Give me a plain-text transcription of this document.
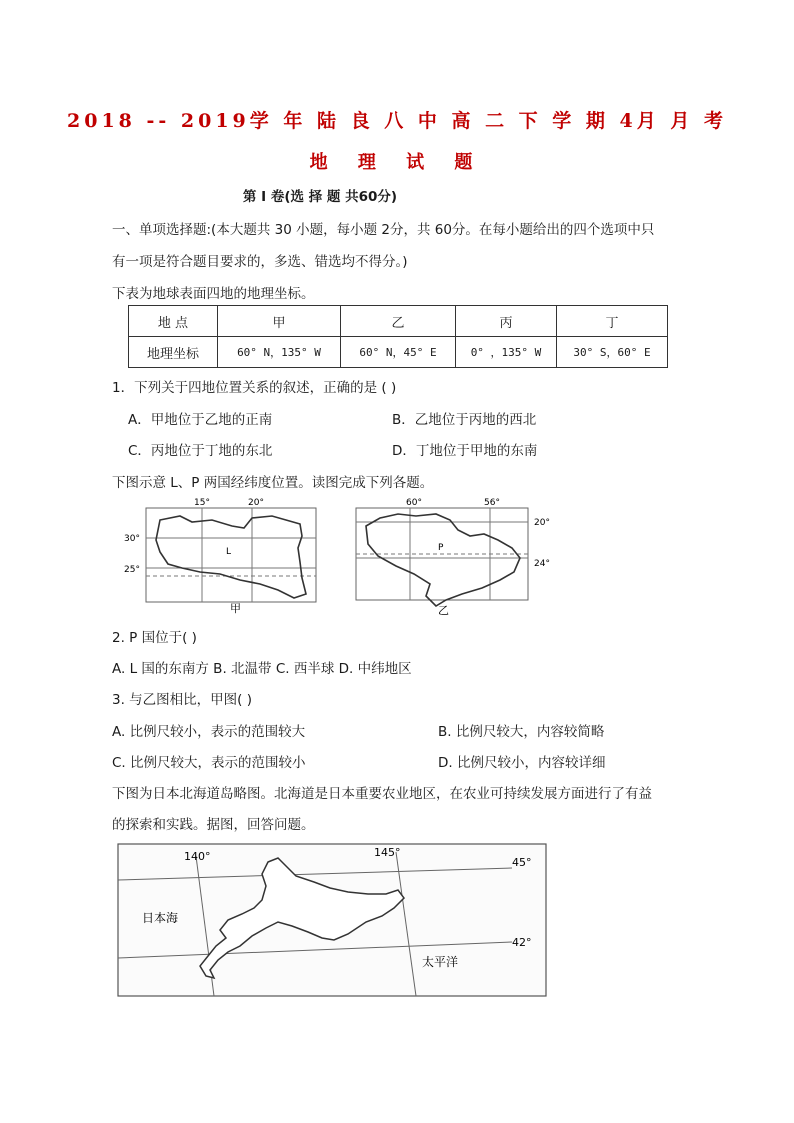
2018 -- 2019学 年 陆 良 八 中 高 二 下 学 期 4月 月 考
地 理 试 题
第 I 卷(选 择 题 共60分)
一、单项选择题:(本大题共 30 小题，每小题 2分，共 60分。在每小题给出的四个选项中只
有一项是符合题目要求的，多选、错选均不得分。)
下表为地球表面四地的地理坐标。
地 点	甲	乙	丙	丁
地理坐标	60° N，135° W	60° N，45° E	0° ，135° W	30° S，60° E
1．下列关于四地位置关系的叙述，正确的是 ( )
A．甲地位于乙地的正南	B．乙地位于丙地的西北
C．丙地位于丁地的东北	D．丁地位于甲地的东南
下图示意 L、P 两国经纬度位置。读图完成下列各题。
15°	20°
30°
25°
L
甲
60°	56°
20°
24°
P
乙
2. P 国位于( )
A. L 国的东南方 B. 北温带 C. 西半球 D. 中纬地区
3. 与乙图相比，甲图( )
A. 比例尺较小，表示的范围较大	B. 比例尺较大，内容较简略
C. 比例尺较大，表示的范围较小	D. 比例尺较小，内容较详细
下图为日本北海道岛略图。北海道是日本重要农业地区，在农业可持续发展方面进行了有益
的探索和实践。据图，回答问题。
140°	145°
45°
42°
日本海
太平洋
